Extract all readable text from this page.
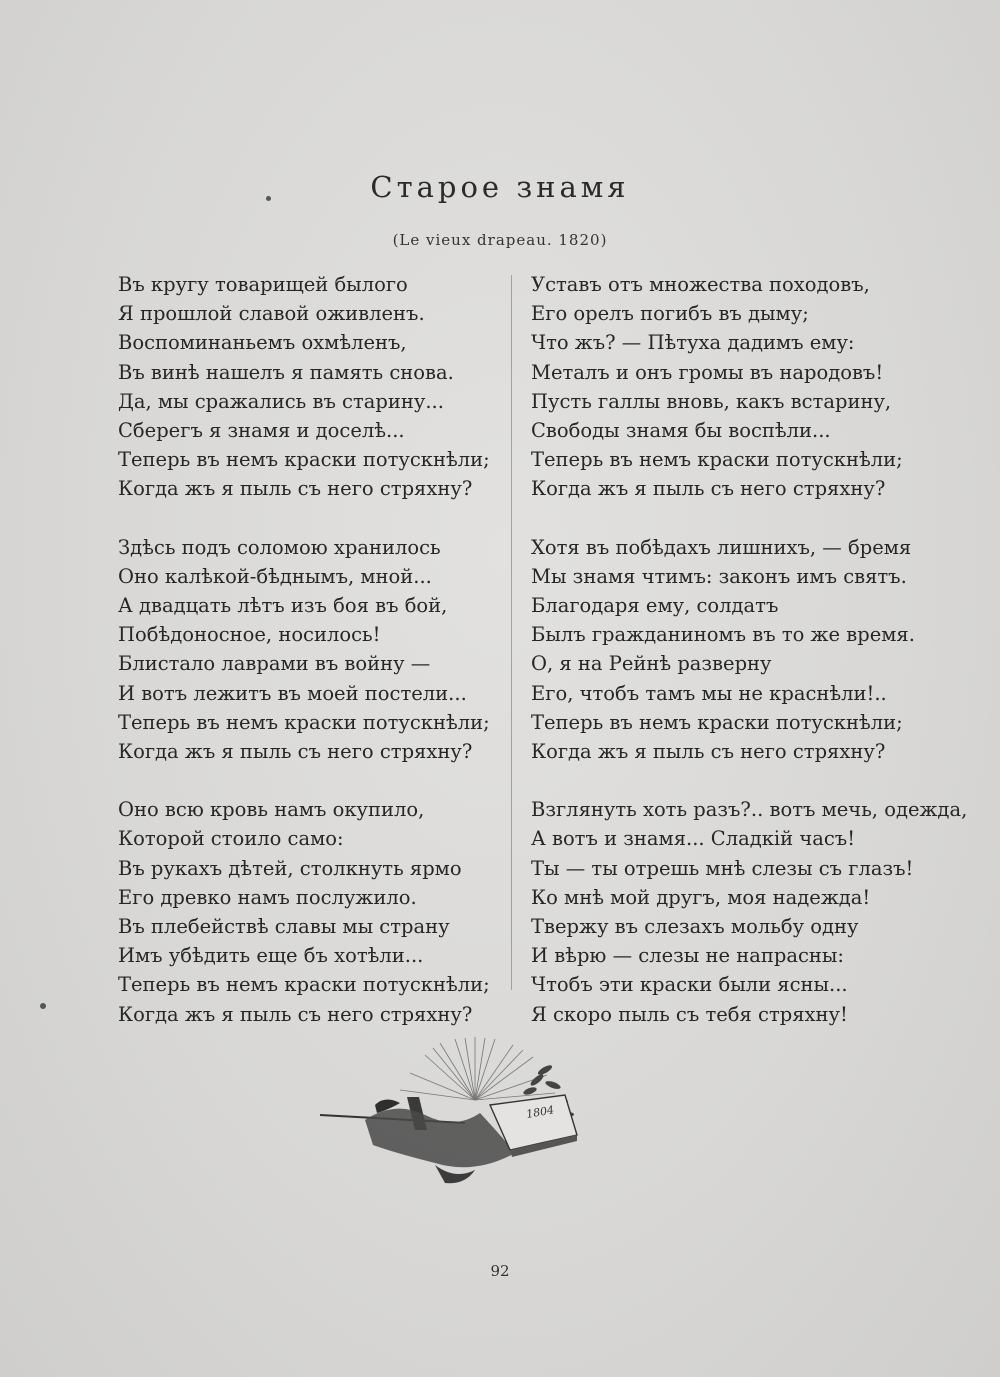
Старое знамя
(Le vieux drapeau. 1820)
Въ кругу товарищей былого
Я прошлой славой оживленъ.
Воспоминаньемъ охмѣленъ,
Въ винѣ нашелъ я память снова.
Да, мы сражались въ старину...
Сберегъ я знамя и доселѣ...
Теперь въ немъ краски потускнѣли;
Когда жъ я пыль съ него стряхну?
Здѣсь подъ соломою хранилось
Оно калѣкой-бѣднымъ, мной...
А двадцать лѣтъ изъ боя въ бой,
Побѣдоносное, носилось!
Блистало лаврами въ войну —
И вотъ лежитъ въ моей постели...
Теперь въ немъ краски потускнѣли;
Когда жъ я пыль съ него стряхну?
Оно всю кровь намъ окупило,
Которой стоило само:
Въ рукахъ дѣтей, столкнуть ярмо
Его древко намъ послужило.
Въ плебействѣ славы мы страну
Имъ убѣдить еще бъ хотѣли...
Теперь въ немъ краски потускнѣли;
Когда жъ я пыль съ него стряхну?
Уставъ отъ множества походовъ,
Его орелъ погибъ въ дыму;
Что жъ? — Пѣтуха дадимъ ему:
Металъ и онъ громы въ народовъ!
Пусть галлы вновь, какъ встарину,
Свободы знамя бы воспѣли...
Теперь въ немъ краски потускнѣли;
Когда жъ я пыль съ него стряхну?
Хотя въ побѣдахъ лишнихъ, — бремя
Мы знамя чтимъ: законъ имъ святъ.
Благодаря ему, солдатъ
Былъ гражданиномъ въ то же время.
О, я на Рейнѣ разверну
Его, чтобъ тамъ мы не краснѣли!..
Теперь въ немъ краски потускнѣли;
Когда жъ я пыль съ него стряхну?
Взглянуть хоть разъ?.. вотъ мечь, одежда,
А вотъ и знамя... Сладкій часъ!
Ты — ты отрешь мнѣ слезы съ глазъ!
Ко мнѣ мой другъ, моя надежда!
Твержу въ слезахъ мольбу одну
И вѣрю — слезы не напрасны:
Чтобъ эти краски были ясны...
Я скоро пыль съ тебя стряхну!
1804
92
